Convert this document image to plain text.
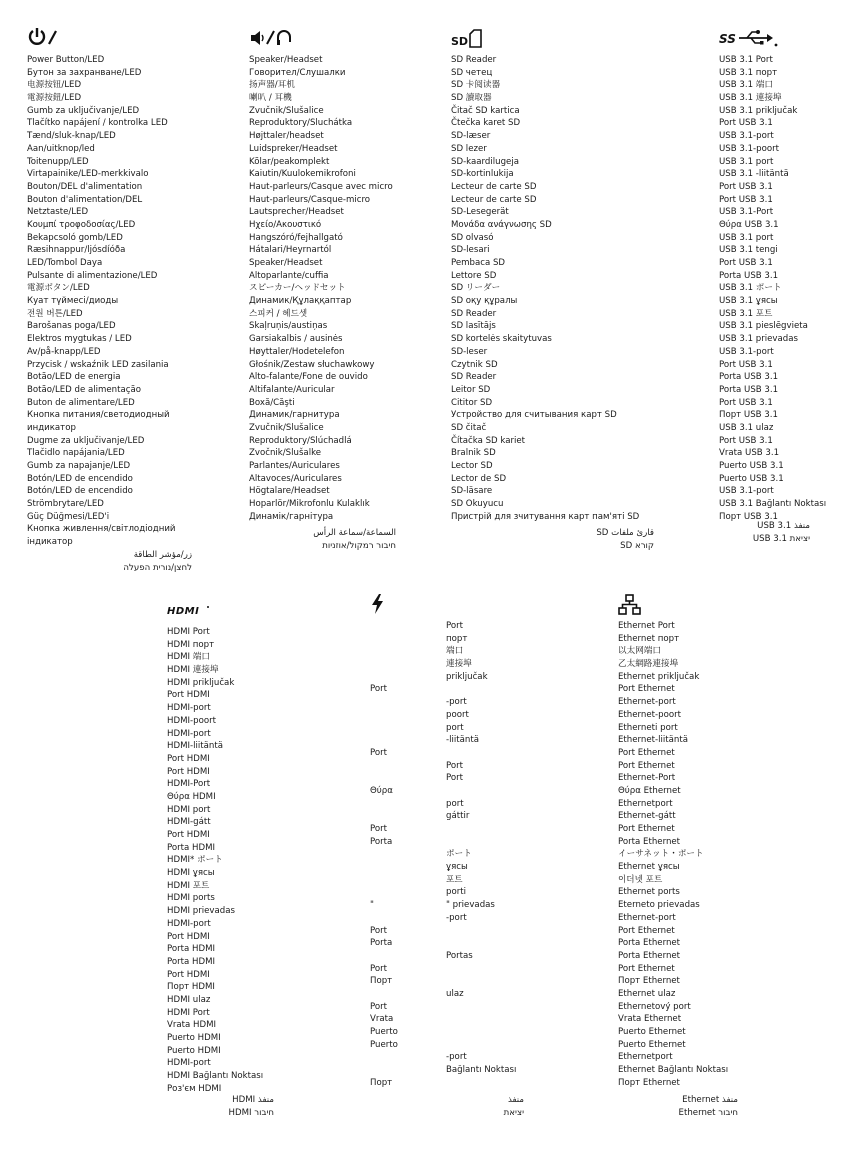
Power Button/LED
Бутон за захранване/LED
电源按钮/LED
電源按鈕/LED
Gumb za uključivanje/LED
Tlačítko napájení / kontrolka LED
Tænd/sluk-knap/LED
Aan/uitknop/led
Toitenupp/LED
Virtapainike/LED-merkkivalo
Bouton/DEL d'alimentation
Bouton d'alimentation/DEL
Netztaste/LED
Κουμπί τροφοδοσίας/LED
Bekapcsoló gomb/LED
Ræsihnappur/ljósdíóða
LED/Tombol Daya
Pulsante di alimentazione/LED
電源ボタン/LED
Куат түймесі/диоды
전원 버튼/LED
Barošanas poga/LED
Elektros mygtukas / LED
Av/på-knapp/LED
Przycisk / wskaźnik LED zasilania
Botão/LED de energia
Botão/LED de alimentação
Buton de alimentare/LED
Кнопка питания/светодиодный
индикатор
Dugme za uključivanje/LED
Tlačidlo napájania/LED
Gumb za napajanje/LED
Botón/LED de encendido
Botón/LED de encendido
Strömbrytare/LED
Güç Düğmesi/LED'i
Кнопка живлення/світлодіодний
індикатор
زر/مؤشر الطاقة
לחצן/נורית הפעלה
Speaker/Headset
Говорител/Слушалки
扬声器/耳机
喇叭 / 耳機
Zvučnik/Slušalice
Reproduktory/Sluchátka
Højttaler/headset
Luidspreker/Headset
Kõlar/peakomplekt
Kaiutin/Kuulokemikrofoni
Haut-parleurs/Casque avec micro
Haut-parleurs/Casque-micro
Lautsprecher/Headset
Ηχείο/Ακουστικό
Hangszóró/fejhallgató
Hátalari/Heyrnartól
Speaker/Headset
Altoparlante/cuffia
スピーカー/ヘッドセット
Динамик/Құлаққаптар
스피커 / 헤드셋
Skaļruņis/austiņas
Garsiakalbis / ausinės
Høyttaler/Hodetelefon
Głośnik/Zestaw słuchawkowy
Alto-falante/Fone de ouvido
Altifalante/Auricular
Boxă/Căşti
Динамик/гарнитура
Zvučnik/Slušalice
Reproduktory/Slúchadlá
Zvočnik/Slušalke
Parlantes/Auriculares
Altavoces/Auriculares
Högtalare/Headset
Hoparlör/Mikrofonlu Kulaklık
Динамік/гарнітура
السماعة/سماعة الرأس
חיבור רמקול/אוזניות
SD
SD Reader
SD четец
SD 卡阅读器
SD 讀取器
Čitač SD kartica
Čtečka karet SD
SD-læser
SD lezer
SD-kaardilugeja
SD-kortinlukija
Lecteur de carte SD
Lecteur de carte SD
SD-Lesegerät
Μονάδα ανάγνωσης SD
SD olvasó
SD-lesari
Pembaca SD
Lettore SD
SD リーダー
SD оқу құралы
SD Reader
SD lasītājs
SD kortelės skaitytuvas
SD-leser
Czytnik SD
SD Reader
Leitor SD
Cititor SD
Устройство для считывания карт SD
SD čitač
Čítačka SD kariet
Bralnik SD
Lector SD
Lector de SD
SD-läsare
SD Okuyucu
Пристрій для зчитування карт пам'яті SD
قارئ ملفات SD
קורא SD
SS
USB 3.1 Port
USB 3.1 порт
USB 3.1 端口
USB 3.1 連接埠
USB 3.1 priključak
Port USB 3.1
USB 3.1-port
USB 3.1-poort
USB 3.1 port
USB 3.1 -liitäntä
Port USB 3.1
Port USB 3.1
USB 3.1-Port
Θύρα USB 3.1
USB 3.1 port
USB 3.1 tengi
Port USB 3.1
Porta USB 3.1
USB 3.1 ポート
USB 3.1 ұясы
USB 3.1 포트
USB 3.1 pieslēgvieta
USB 3.1 prievadas
USB 3.1-port
Port USB 3.1
Porta USB 3.1
Porta USB 3.1
Port USB 3.1
Порт USB 3.1
USB 3.1 ulaz
Port USB 3.1
Vrata USB 3.1
Puerto USB 3.1
Puerto USB 3.1
USB 3.1-port
USB 3.1 Bağlantı Noktası
Порт USB 3.1
USB 3.1 منفذ
USB 3.1 יציאת
HDMI
HDMI Port
HDMI порт
HDMI 端口
HDMI 連接埠
HDMI priključak
Port HDMI
HDMI-port
HDMI-poort
HDMI-port
HDMI-liitäntä
Port HDMI
Port HDMI
HDMI-Port
Θύρα HDMI
HDMI port
HDMI-gátt
Port HDMI
Porta HDMI
HDMI* ポート
HDMI ұясы
HDMI 포트
HDMI ports
HDMI prievadas
HDMI-port
Port HDMI
Porta HDMI
Porta HDMI
Port HDMI
Порт HDMI
HDMI ulaz
HDMI Port
Vrata HDMI
Puerto HDMI
Puerto HDMI
HDMI-port
HDMI Bağlantı Noktası
Роз'єм HDMI
منفذ HDMI
חיבור HDMI
Port
Port
Θύρα
Port
Porta
"
Port
Porta
Port
Порт
Port
Vrata
Puerto
Puerto
Порт
Port
порт
端口
連接埠
priključak
-port
poort
port
-liitäntä
Port
Port
port
gáttir
ポート
ұясы
포트
porti
" prievadas
-port
Portas
ulaz
-port
Bağlantı Noktası
منفذ
יציאת
Ethernet Port
Ethernet порт
以太网端口
乙太網路連接埠
Ethernet priključak
Port Ethernet
Ethernet-port
Ethernet-poort
Etherneti port
Ethernet-liitäntä
Port Ethernet
Port Ethernet
Ethernet-Port
Θύρα Ethernet
Ethernetport
Ethernet-gátt
Port Ethernet
Porta Ethernet
イーサネット・ポート
Ethernet ұясы
이더넷 포트
Ethernet ports
Eterneto prievadas
Ethernet-port
Port Ethernet
Porta Ethernet
Porta Ethernet
Port Ethernet
Порт Ethernet
Ethernet ulaz
Ethernetový port
Vrata Ethernet
Puerto Ethernet
Puerto Ethernet
Ethernetport
Ethernet Bağlantı Noktası
Порт Ethernet
منفذ Ethernet
חיבור Ethernet
